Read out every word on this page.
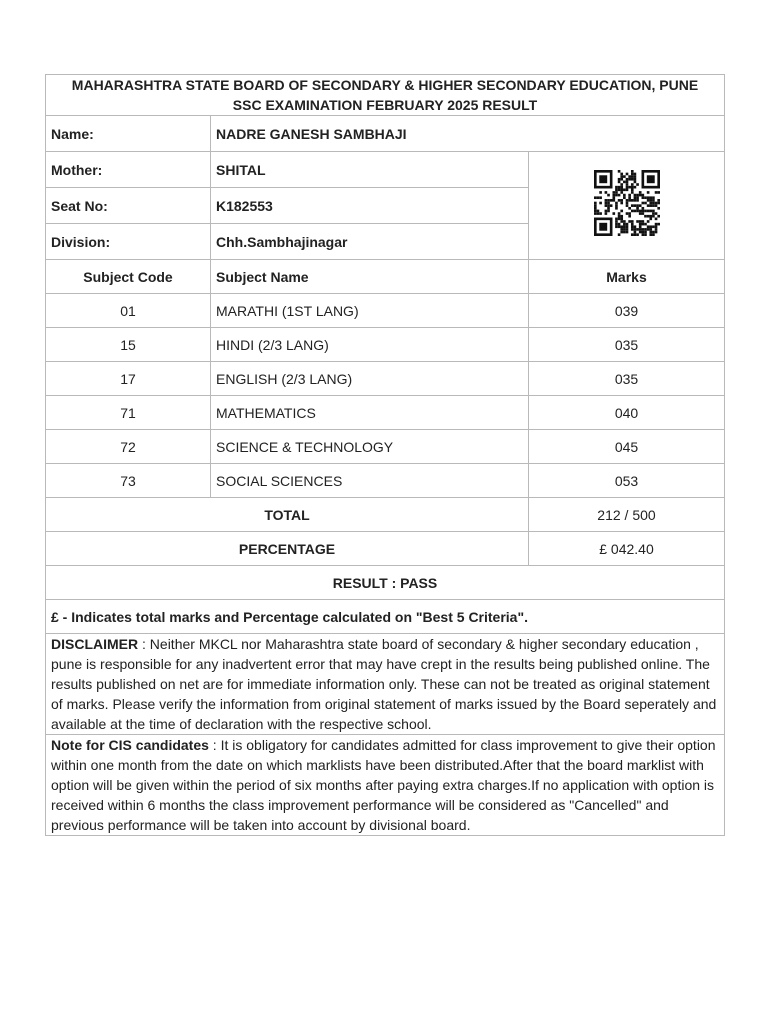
MAHARASHTRA STATE BOARD OF SECONDARY & HIGHER SECONDARY EDUCATION, PUNE
SSC EXAMINATION FEBRUARY 2025 RESULT		

Name:	NADRE GANESH SAMBHAJI	
Mother:	SHITAL	
Seat No:	K182553	
Division:	Chh.Sambhajinagar	
Subject Code	Subject Name	Marks
01	MARATHI (1ST LANG)	039
15	HINDI (2/3 LANG)	035
17	ENGLISH (2/3 LANG)	035
71	MATHEMATICS	040
72	SCIENCE & TECHNOLOGY	045
73	SOCIAL SCIENCES	053
TOTAL		212 / 500
PERCENTAGE		£ 042.40
RESULT : PASS		
£ - Indicates total marks and Percentage calculated on "Best 5 Criteria".		
DISCLAIMER : Neither MKCL nor Maharashtra state board of secondary & higher secondary education , pune is responsible for any inadvertent error that may have crept in the results being published online. The results published on net are for immediate information only. These can not be treated as original statement of marks. Please verify the information from original statement of marks issued by the Board seperately and available at the time of declaration with the respective school.		
Note for CIS candidates : It is obligatory for candidates admitted for class improvement to give their option within one month from the date on which marklists have been distributed.After that the board marklist with option will be given within the period of six months after paying extra charges.If no application with option is received within 6 months the class improvement performance will be considered as "Cancelled" and previous performance will be taken into account by divisional board.		
